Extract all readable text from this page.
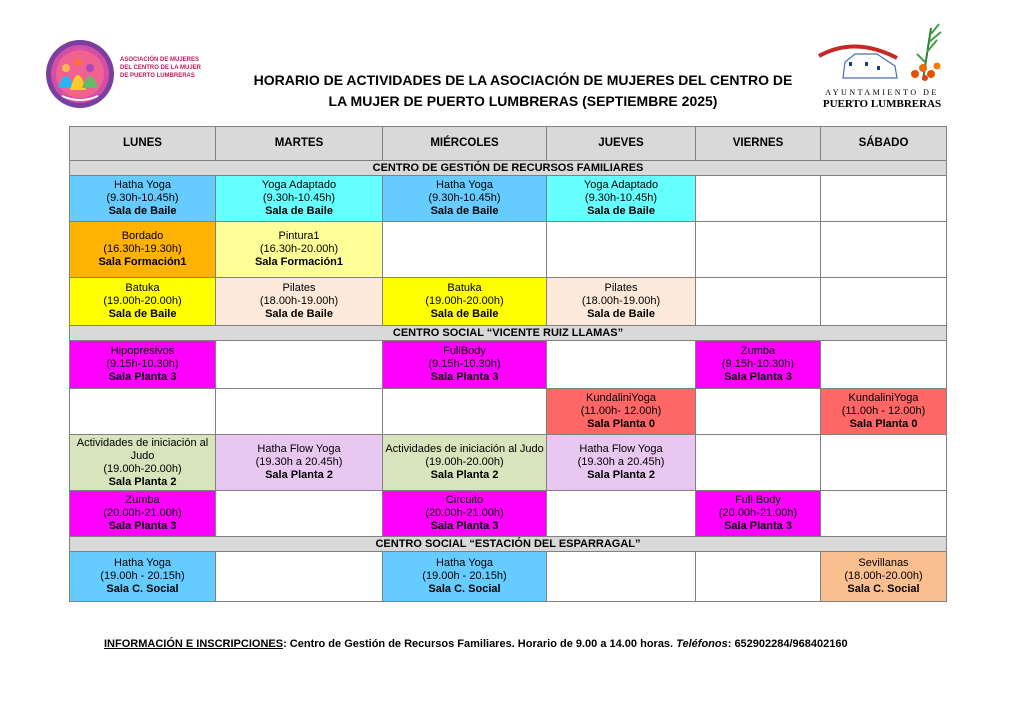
ASOCIACIÓN DE MUJERES
DEL CENTRO DE LA MUJER
DE PUERTO LUMBRERAS	HORARIO DE ACTIVIDADES DE LA ASOCIACIÓN DE MUJERES DEL CENTRO DE
LA MUJER DE PUERTO LUMBRERAS (SEPTIEMBRE 2025)
AYUNTAMIENTO DE
PUERTO LUMBRERAS
LUNES	MARTES	MIÉRCOLES	JUEVES	VIERNES	SÁBADO
CENTRO DE GESTIÓN DE RECURSOS FAMILIARES					

Hatha Yoga
(9.30h-10.45h)
Sala de Baile	Yoga Adaptado
(9.30h-10.45h)
Sala de Baile	Hatha Yoga
(9.30h-10.45h)
Sala de Baile	Yoga Adaptado
(9.30h-10.45h)
Sala de Baile		

Bordado
(16.30h-19.30h)
Sala Formación1	Pintura1
(16.30h-20.00h)
Sala Formación1				

Batuka
(19.00h-20.00h)
Sala de Baile	Pilates
(18.00h-19.00h)
Sala de Baile	Batuka
(19.00h-20.00h)
Sala de Baile	Pilates
(18.00h-19.00h)
Sala de Baile		

CENTRO SOCIAL “VICENTE RUIZ LLAMAS”					

Hipopresivos
(9.15h-10.30h)
Sala Planta 3		FullBody
(9.15h-10.30h)
Sala Planta 3		Zumba
(9.15h-10.30h)
Sala Planta 3	

			KundaliniYoga
(11.00h- 12.00h)
Sala Planta 0		KundaliniYoga
(11.00h - 12.00h)
Sala Planta 0

Actividades de iniciación al Judo
(19.00h-20.00h)
Sala Planta 2	Hatha Flow Yoga
(19.30h a 20.45h)
Sala Planta 2	Actividades de iniciación al Judo
(19.00h-20.00h)
Sala Planta 2	Hatha Flow Yoga
(19.30h a 20.45h)
Sala Planta 2		

Zumba
(20.00h-21.00h)
Sala Planta 3		Circuito
(20.00h-21.00h)
Sala Planta 3		Full Body
(20.00h-21.00h)
Sala Planta 3	

CENTRO SOCIAL “ESTACIÓN DEL ESPARRAGAL”					

Hatha Yoga
(19.00h - 20.15h)
Sala C. Social		Hatha Yoga
(19.00h - 20.15h)
Sala C. Social			Sevillanas
(18.00h-20.00h)
Sala C. Social
INFORMACIÓN E INSCRIPCIONES: Centro de Gestión de Recursos Familiares. Horario de 9.00 a 14.00 horas. Teléfonos: 652902284/968402160
